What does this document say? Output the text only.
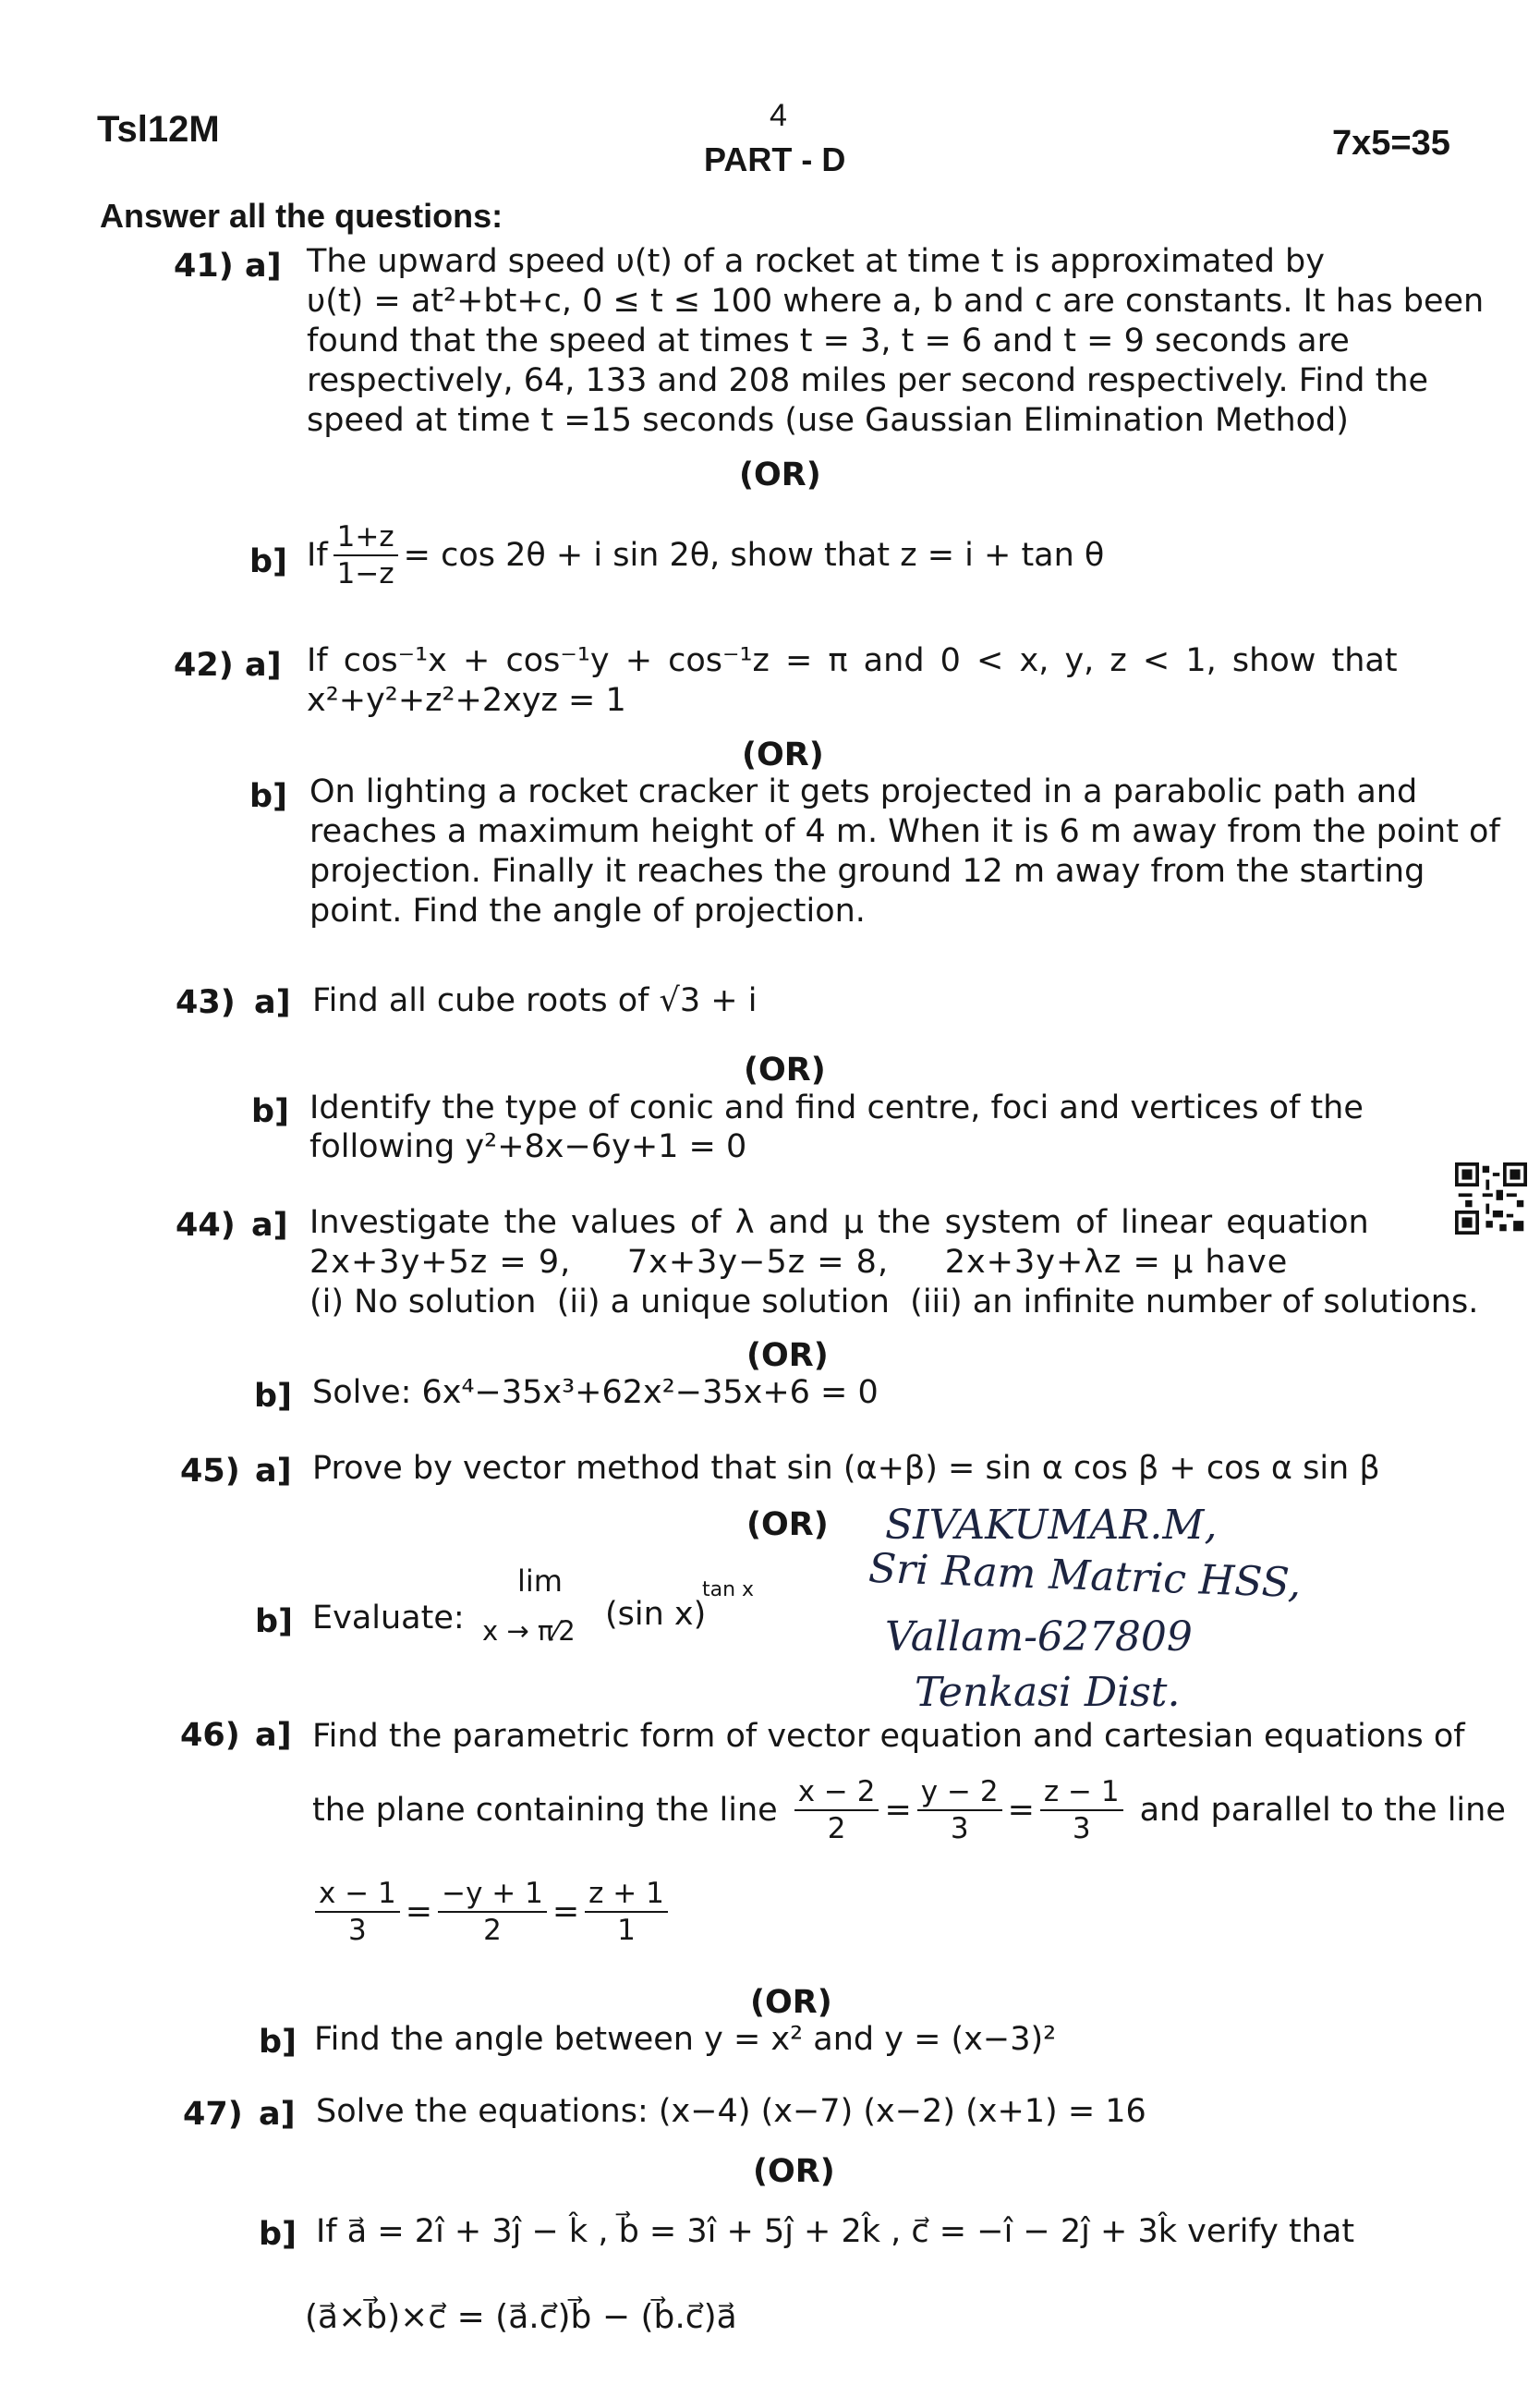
Tsl12M	4
PART - D	7x5=35
Answer all the questions:
41) a] The upward speed υ(t) of a rocket at time t is approximated by
υ(t) = at²+bt+c, 0 ≤ t ≤ 100 where a, b and c are constants. It has been
found that the speed at times t = 3, t = 6 and t = 9 seconds are
respectively, 64, 133 and 208 miles per second respectively. Find the
speed at time t =15 seconds (use Gaussian Elimination Method)
(OR)
b] If $\frac{1+z}{1-z} = \cos 2\theta + i$ sin 2θ, show that z = i + tan θ
42) a] If cos⁻¹x + cos⁻¹y + cos⁻¹z = π and 0 < x, y, z < 1, show that
x²+y²+z²+2xyz = 1
(OR)
b] On lighting a rocket cracker it gets projected in a parabolic path and
reaches a maximum height of 4 m. When it is 6 m away from the point of
projection. Finally it reaches the ground 12 m away from the starting
point. Find the angle of projection.
43) a] Find all cube roots of √3 + i
(OR)
b] Identify the type of conic and find centre, foci and vertices of the
following y²+8x−6y+1 = 0
44) a] Investigate the values of λ and μ the system of linear equation
2x+3y+5z = 9,     7x+3y−5z = 8,     2x+3y+λz = μ have
(i) No solution  (ii) a unique solution  (iii) an infinite number of solutions.
(OR)
b] Solve: 6x⁴−35x³+62x²−35x+6 = 0
45) a] Prove by vector method that sin (α+β) = sin α cos β + cos α sin β
(OR)
b] Evaluate:
lim
x → π⁄2 (sin x)
tan x
SIVAKUMAR.M,
Sri Ram Matric HSS,
Vallam-627809
Tenkasi Dist.
46) a] Find the parametric form of vector equation and cartesian equations of
the plane containing the line $\frac{x - 2}{2} = \frac{y - 2}{3} = \frac{z - 1}{3}$ and parallel to the line
$\frac{x - 1}{3} = \frac{-y + 1}{2} = \frac{z + 1}{1}$
(OR)
b] Find the angle between y = x² and y = (x−3)²
47) a] Solve the equations: (x−4) (x−7) (x−2) (x+1) = 16
(OR)
b] If a⃗ = 2î + 3ĵ − k̂ , b⃗ = 3î + 5ĵ + 2k̂ , c⃗ = −î − 2ĵ + 3k̂ verify that
(a⃗×b⃗)×c⃗ = (a⃗.c⃗)b⃗ − (b⃗.c⃗)a⃗
